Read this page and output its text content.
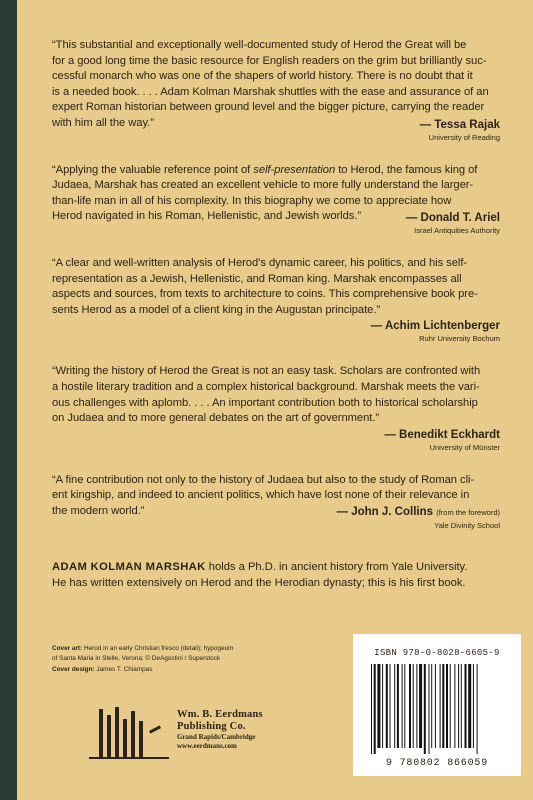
“This substantial and exceptionally well-documented study of Herod the Great will be
for a good long time the basic resource for English readers on the grim but brilliantly suc-
cessful monarch who was one of the shapers of world history. There is no doubt that it
is a needed book. . . . Adam Kolman Marshak shuttles with the ease and assurance of an
expert Roman historian between ground level and the bigger picture, carrying the reader
with him all the way.”	— Tessa Rajak
University of Reading

“Applying the valuable reference point of self-presentation to Herod, the famous king of
Judaea, Marshak has created an excellent vehicle to more fully understand the larger-
than-life man in all of his complexity. In this biography we come to appreciate how
Herod navigated in his Roman, Hellenistic, and Jewish worlds.”	— Donald T. Ariel
Israel Antiquities Authority

“A clear and well-written analysis of Herod’s dynamic career, his politics, and his self-
representation as a Jewish, Hellenistic, and Roman king. Marshak encompasses all
aspects and sources, from texts to architecture to coins. This comprehensive book pre-
sents Herod as a model of a client king in the Augustan principate.”

— Achim Lichtenberger
Ruhr University Bochum

“Writing the history of Herod the Great is not an easy task. Scholars are confronted with
a hostile literary tradition and a complex historical background. Marshak meets the vari-
ous challenges with aplomb. . . . An important contribution both to historical scholarship
on Judaea and to more general debates on the art of government.”

— Benedikt Eckhardt
University of Münster

“A fine contribution not only to the history of Judaea but also to the study of Roman cli-
ent kingship, and indeed to ancient politics, which have lost none of their relevance in
the modern world.”	— John J. Collins (from the foreword)
Yale Divinity School
ADAM KOLMAN MARSHAK holds a Ph.D. in ancient history from Yale University.
He has written extensively on Herod and the Herodian dynasty; this is his first book.

Cover art: Herod in an early Christian fresco (detail); hypogeum
of Santa Maria in Stelle, Verona; © DeAgostini / Superstock

Cover design: James T. Chiampas

Wm. B. Eerdmans
Publishing Co.
Grand Rapids/Cambridge
www.eerdmans.com
ISBN 978-0-8028-6605-9
9 780802 866059
